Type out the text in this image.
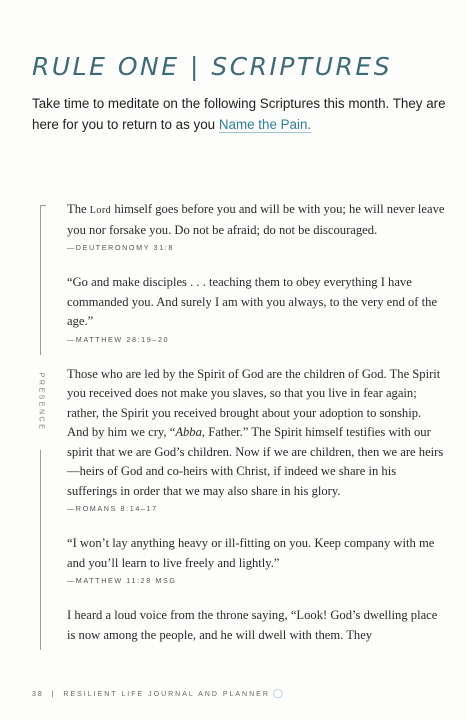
RULE ONE | SCRIPTURES

Take time to meditate on the following Scriptures this month. They are here for you to return to as you Name the Pain.

PRESENCE

The Lord himself goes before you and will be with you; he will never leave you nor forsake you. Do not be afraid; do not be discouraged.

—DEUTERONOMY 31:8

“Go and make disciples . . . teaching them to obey everything I have commanded you. And surely I am with you always, to the very end of the age.”

—MATTHEW 28:19–20

Those who are led by the Spirit of God are the children of God. The Spirit you received does not make you slaves, so that you live in fear again; rather, the Spirit you received brought about your adoption to sonship. And by him we cry, “Abba, Father.” The Spirit himself testifies with our spirit that we are God’s children. Now if we are children, then we are heirs—heirs of God and co-heirs with Christ, if indeed we share in his sufferings in order that we may also share in his glory.

—ROMANS 8:14–17

“I won’t lay anything heavy or ill-fitting on you. Keep company with me and you’ll learn to live freely and lightly.”

—MATTHEW 11:28 MSG

I heard a loud voice from the throne saying, “Look! God’s dwelling place is now among the people, and he will dwell with them. They

38 | RESILIENT LIFE JOURNAL AND PLANNER ◯
